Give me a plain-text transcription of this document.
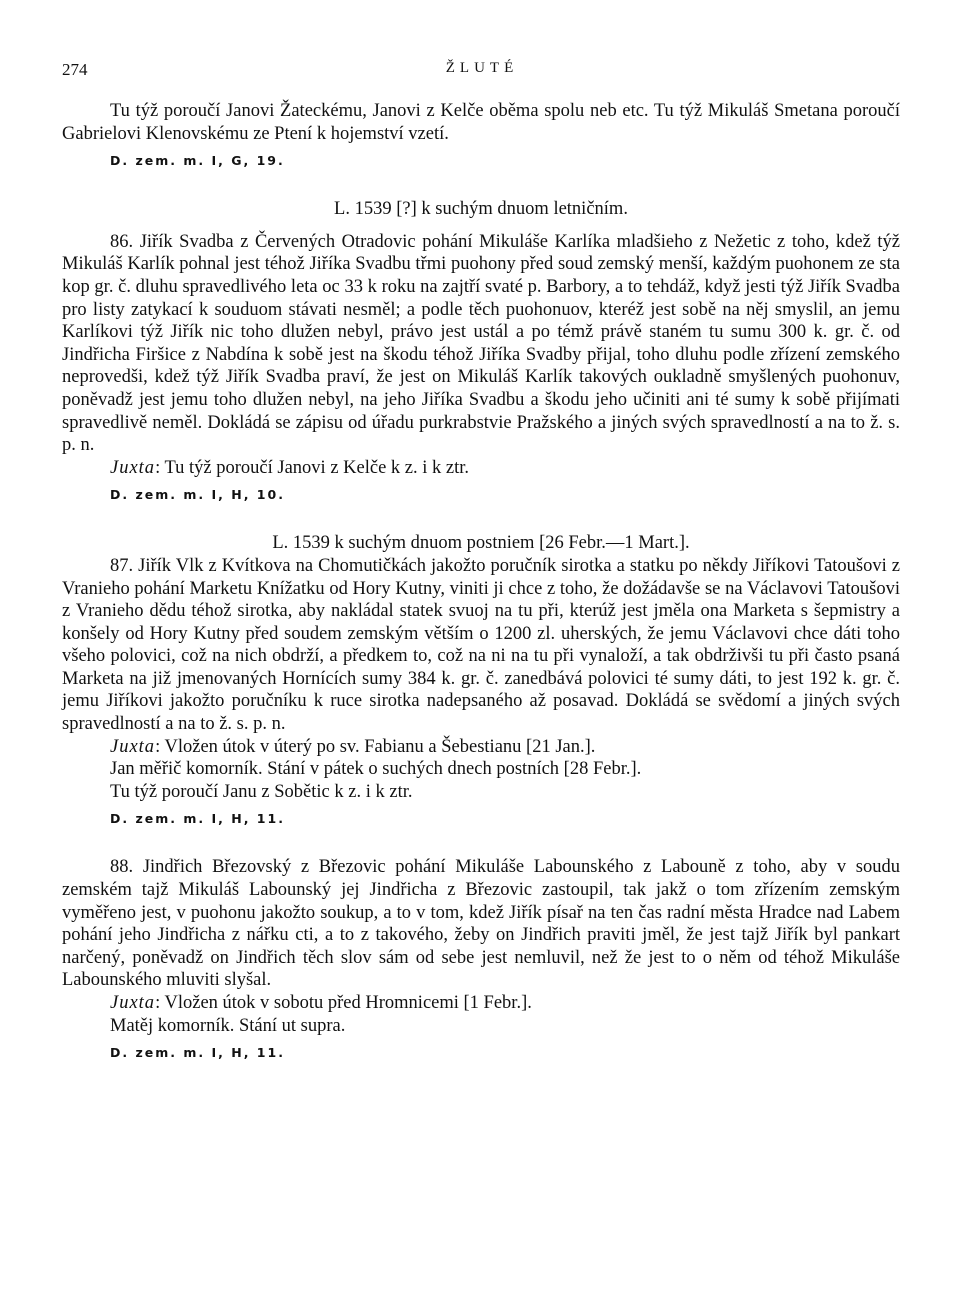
274	ŽLUTÉ

Tu týž poroučí Janovi Žateckému, Janovi z Kelče oběma spolu neb etc. Tu týž Mikuláš Smetana poroučí Gabrielovi Klenovskému ze Ptení k hojemství vzetí.

D. zem. m. I, G, 19.

L. 1539 [?] k suchým dnuom letničním.

86. Jiřík Svadba z Červených Otradovic pohání Mikuláše Karlíka mladšieho z Nežetic z toho, kdež týž Mikuláš Karlík pohnal jest téhož Jiříka Svadbu třmi puohony před soud zemský menší, každým puohonem ze sta kop gr. č. dluhu spravedlivého leta oc 33 k roku na zajtří svaté p. Barbory, a to tehdáž, když jesti týž Jiřík Svadba pro listy zatykací k souduom stávati nesměl; a podle těch puohonuov, kteréž jest sobě na něj smyslil, an jemu Karlíkovi týž Jiřík nic toho dlužen nebyl, právo jest ustál a po témž právě staném tu sumu 300 k. gr. č. od Jindřicha Firšice z Nabdína k sobě jest na škodu téhož Jiříka Svadby přijal, toho dluhu podle zřízení zemského neprovedši, kdež týž Jiřík Svadba praví, že jest on Mikuláš Karlík takových oukladně smyšlených puohonuv, poněvadž jest jemu toho dlužen nebyl, na jeho Jiříka Svadbu a škodu jeho učiniti ani té sumy k sobě přijímati spravedlivě neměl. Dokládá se zápisu od úřadu purkrabstvie Pražského a jiných svých spravedlností a na to ž. s. p. n.

Juxta: Tu týž poroučí Janovi z Kelče k z. i k ztr.

D. zem. m. I, H, 10.

L. 1539 k suchým dnuom postniem [26 Febr.—1 Mart.].

87. Jiřík Vlk z Kvítkova na Chomutičkách jakožto poručník sirotka a statku po někdy Jiříkovi Tatoušovi z Vranieho pohání Marketu Knížatku od Hory Kutny, viniti ji chce z toho, že dožádavše se na Václavovi Tatoušovi z Vranieho dědu téhož sirotka, aby nakládal statek svuoj na tu při, kterúž jest jměla ona Marketa s šepmistry a konšely od Hory Kutny před soudem zemským větším o 1200 zl. uherských, že jemu Václavovi chce dáti toho všeho polovici, což na nich obdrží, a předkem to, což na ni na tu při vynaloží, a tak obdrživši tu při často psaná Marketa na již jmenovaných Hornících sumy 384 k. gr. č. zanedbává polovici té sumy dáti, to jest 192 k. gr. č. jemu Jiříkovi jakožto poručníku k ruce sirotka nadepsaného až posavad. Dokládá se svědomí a jiných svých spravedlností a na to ž. s. p. n.

Juxta: Vložen útok v úterý po sv. Fabianu a Šebestianu [21 Jan.].

Jan měřič komorník. Stání v pátek o suchých dnech postních [28 Febr.].

Tu týž poroučí Janu z Sobětic k z. i k ztr.

D. zem. m. I, H, 11.

88. Jindřich Březovský z Březovic pohání Mikuláše Labounského z Labouně z toho, aby v soudu zemském tajž Mikuláš Labounský jej Jindřicha z Březovic zastoupil, tak jakž o tom zřízením zemským vyměřeno jest, v puohonu jakožto soukup, a to v tom, kdež Jiřík písař na ten čas radní města Hradce nad Labem pohání jeho Jindřicha z nářku cti, a to z takového, žeby on Jindřich praviti jměl, že jest tajž Jiřík byl pankart narčený, poněvadž on Jindřich těch slov sám od sebe jest nemluvil, než že jest to o něm od téhož Mikuláše Labounského mluviti slyšal.

Juxta: Vložen útok v sobotu před Hromnicemi [1 Febr.].

Matěj komorník. Stání ut supra.

D. zem. m. I, H, 11.
